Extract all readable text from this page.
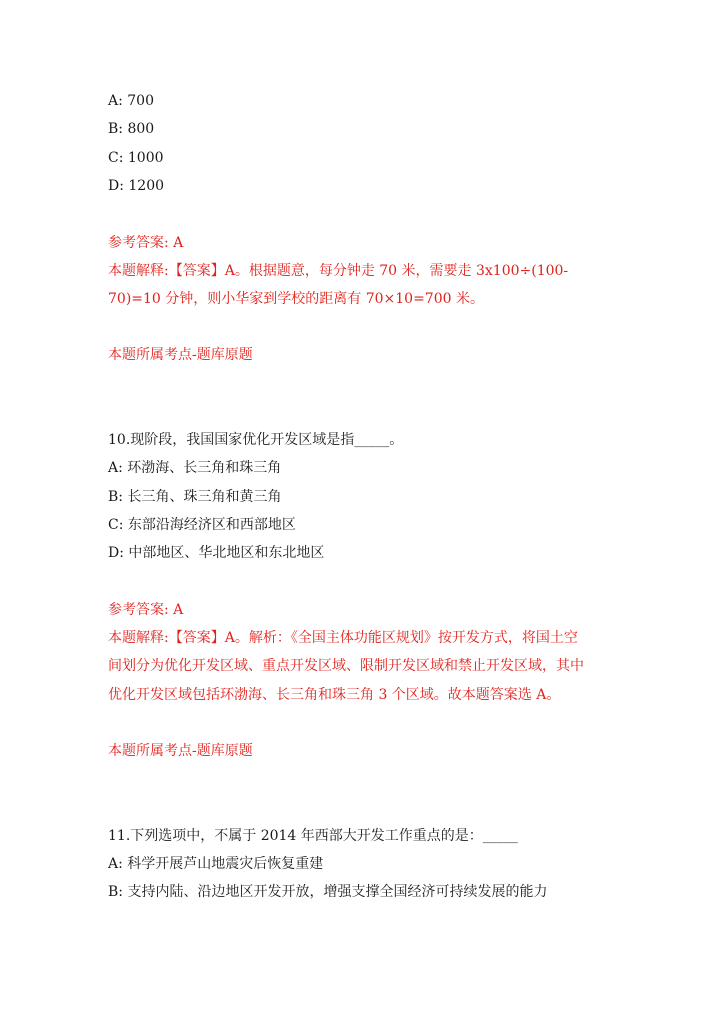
A: 700
B: 800
C: 1000
D: 1200
参考答案: A
本题解释:【答案】A。根据题意，每分钟走 70 米，需要走 3x100÷(100-
70)=10 分钟，则小华家到学校的距离有 70×10=700 米。
本题所属考点-题库原题
10.现阶段，我国国家优化开发区域是指_____。
A: 环渤海、长三角和珠三角
B: 长三角、珠三角和黄三角
C: 东部沿海经济区和西部地区
D: 中部地区、华北地区和东北地区
参考答案: A
本题解释:【答案】A。解析：《全国主体功能区规划》按开发方式，将国土空
间划分为优化开发区域、重点开发区域、限制开发区域和禁止开发区域，其中
优化开发区域包括环渤海、长三角和珠三角 3 个区域。故本题答案选 A。
本题所属考点-题库原题
11.下列选项中，不属于 2014 年西部大开发工作重点的是：_____
A: 科学开展芦山地震灾后恢复重建
B: 支持内陆、沿边地区开发开放，增强支撑全国经济可持续发展的能力
